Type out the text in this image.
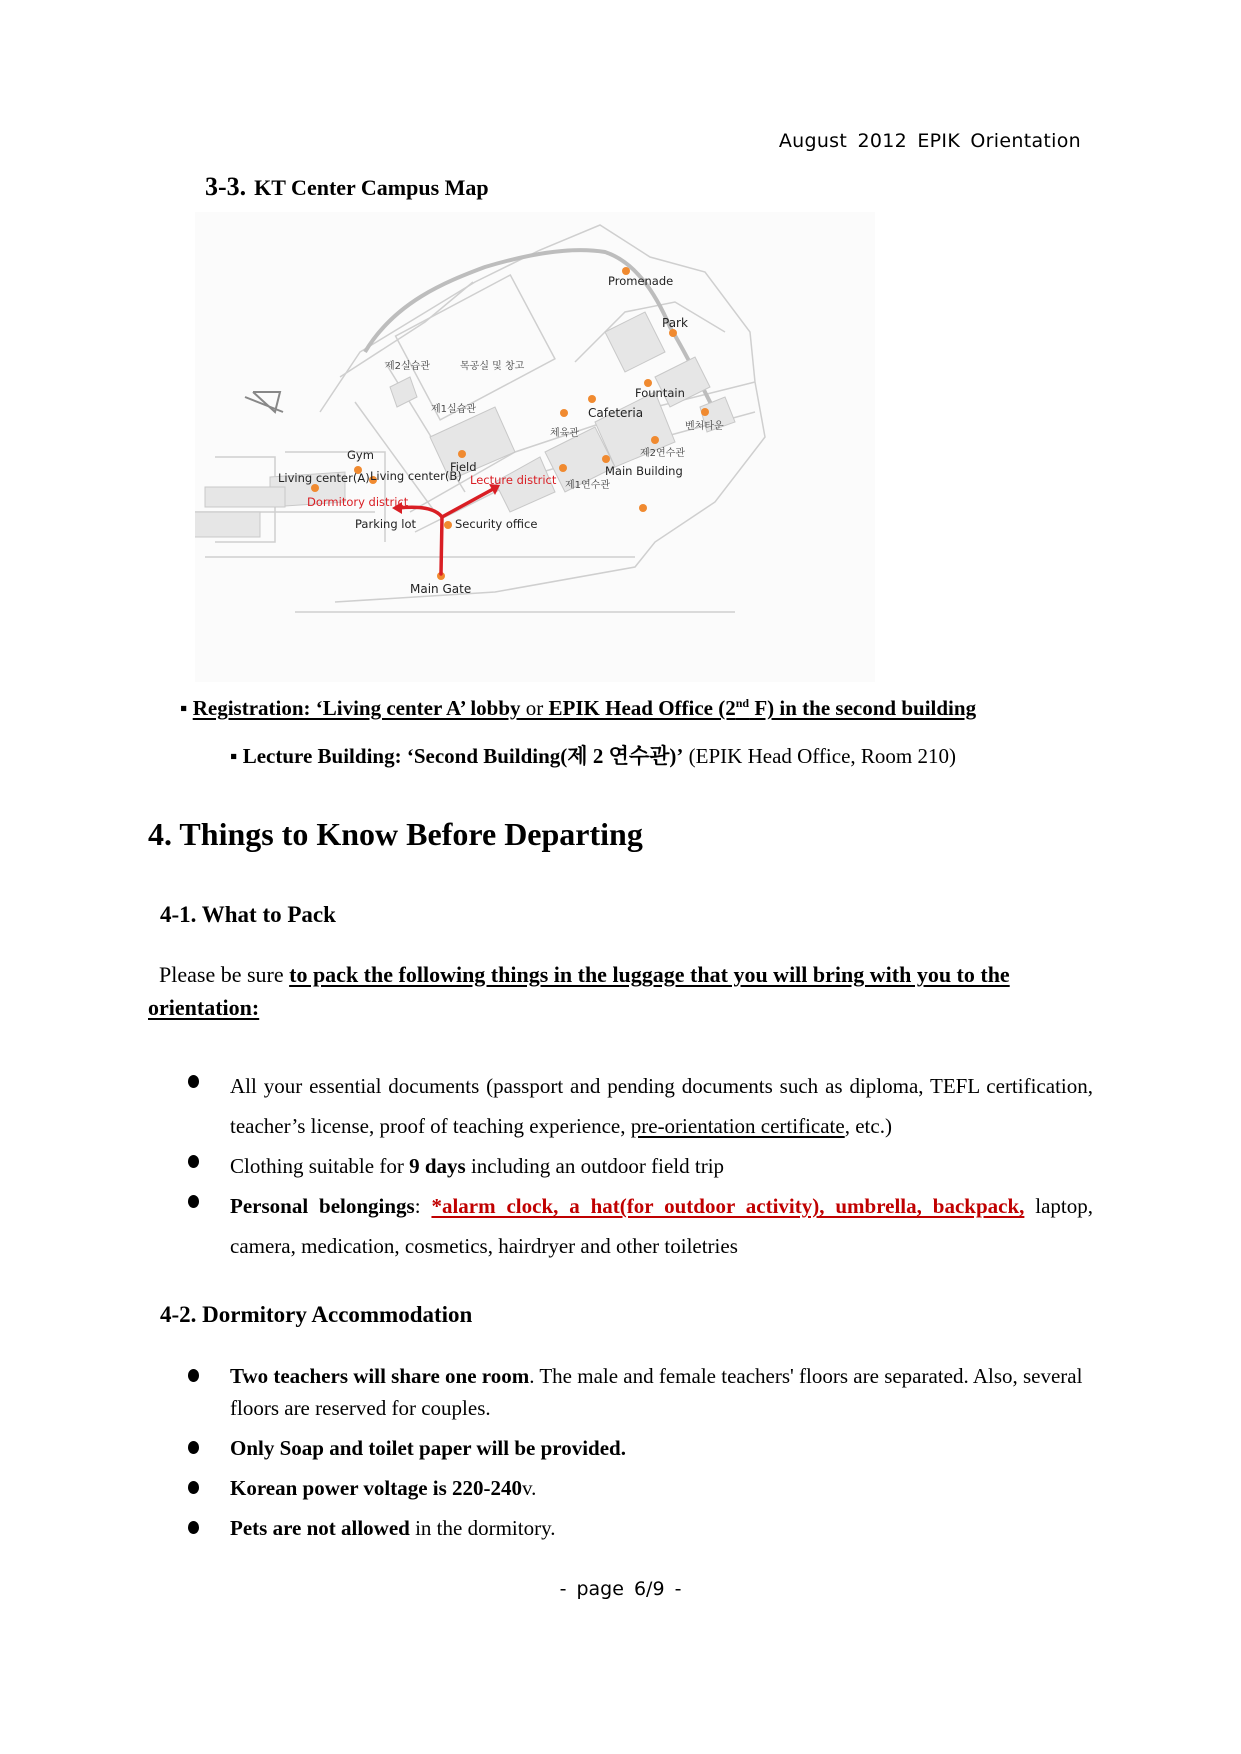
August 2012 EPIK Orientation
3-3. KT Center Campus Map
Promenade
Park
Fountain
Cafeteria
체육관
벤처타운
제2연수관
Main Building
제1연수관
제2실습관	목공실 및 창고
제1실습관
Gym
Field
Living center(A) Living center(B) Lecture district
Dormitory district
Parking lot	Security office
Main Gate
▪ Registration: ‘Living center A’ lobby or EPIK Head Office (2nd F) in the second building
▪ Lecture Building: ‘Second Building(제 2 연수관)’ (EPIK Head Office, Room 210)
4. Things to Know Before Departing
4-1. What to Pack
Please be sure to pack the following things in the luggage that you will bring with you to the orientation:
All your essential documents (passport and pending documents such as diploma, TEFL certification, teacher’s license, proof of teaching experience, pre-orientation certificate, etc.)
Clothing suitable for 9 days including an outdoor field trip
Personal belongings: *alarm clock, a hat(for outdoor activity), umbrella, backpack, laptop, camera, medication, cosmetics, hairdryer and other toiletries
4-2. Dormitory Accommodation
Two teachers will share one room. The male and female teachers' floors are separated. Also, several floors are reserved for couples.
Only Soap and toilet paper will be provided.
Korean power voltage is 220-240v.
Pets are not allowed in the dormitory.
- page 6/9 -
